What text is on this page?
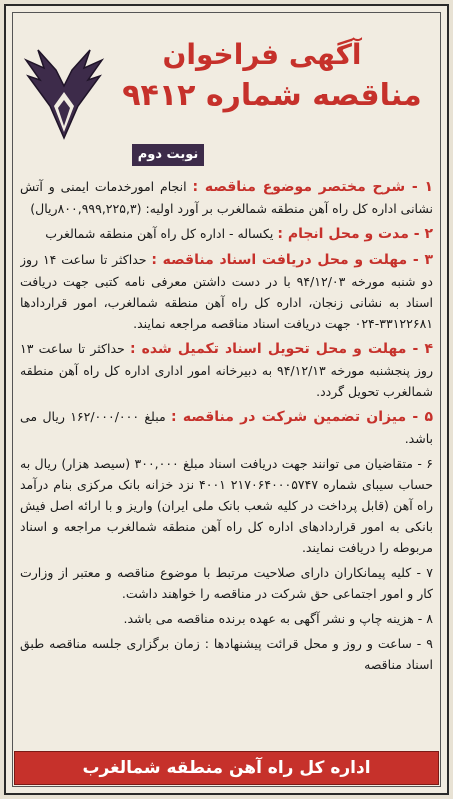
آگهی فراخوان
مناقصه شماره ۹۴۱۲
نوبت دوم

۱ - شرح مختصر موضوع مناقصه : انجام امورخدمات ایمنی و آتش نشانی اداره کل راه آهن منطقه شمالغرب بر آورد اولیه: (۸۰۰,۹۹۹,۲۲۵,۳ریال)

۲ - مدت و محل انجام : یکساله - اداره کل راه آهن منطقه شمالغرب

۳ - مهلت و محل دریافت اسناد مناقصه : حداکثر تا ساعت ۱۴ روز دو شنبه مورخه ۹۴/۱۲/۰۳ با در دست داشتن معرفی نامه کتبی جهت دریافت اسناد به نشانی زنجان، اداره کل راه آهن منطقه شمالغرب، امور قراردادها ۳۳۱۲۲۶۸۱-۰۲۴ جهت دریافت اسناد مناقصه مراجعه نمایند.

۴ - مهلت و محل تحویل اسناد تکمیل شده : حداکثر تا ساعت ۱۳ روز پنجشنبه مورخه ۹۴/۱۲/۱۳ به دبیرخانه امور اداری اداره کل راه آهن منطقه شمالغرب تحویل گردد.

۵ - میزان تضمین شرکت در مناقصه : مبلغ ۱۶۲/۰۰۰/۰۰۰ ریال می باشد.

۶ - متقاضیان می توانند جهت دریافت اسناد مبلغ ۳۰۰,۰۰۰ (سیصد هزار) ریال به حساب سیبای شماره ۲۱۷۰۶۴۰۰۰۵۷۴۷ ۴۰۰۱ نزد خزانه بانک مرکزی بنام درآمد راه آهن (قابل پرداخت در کلیه شعب بانک ملی ایران) واریز و با ارائه اصل فیش بانکی به امور قراردادهای اداره کل راه آهن منطقه شمالغرب مراجعه و اسناد مربوطه را دریافت نمایند.

۷ - کلیه پیمانکاران دارای صلاحیت مرتبط با موضوع مناقصه و معتبر از وزارت کار و امور اجتماعی حق شرکت در مناقصه را خواهند داشت.

۸ - هزینه چاپ و نشر آگهی به عهده برنده مناقصه می باشد.

۹ - ساعت و روز و محل قرائت پیشنهادها : زمان برگزاری جلسه مناقصه طبق اسناد مناقصه

اداره کل راه آهن منطقه شمالغرب
